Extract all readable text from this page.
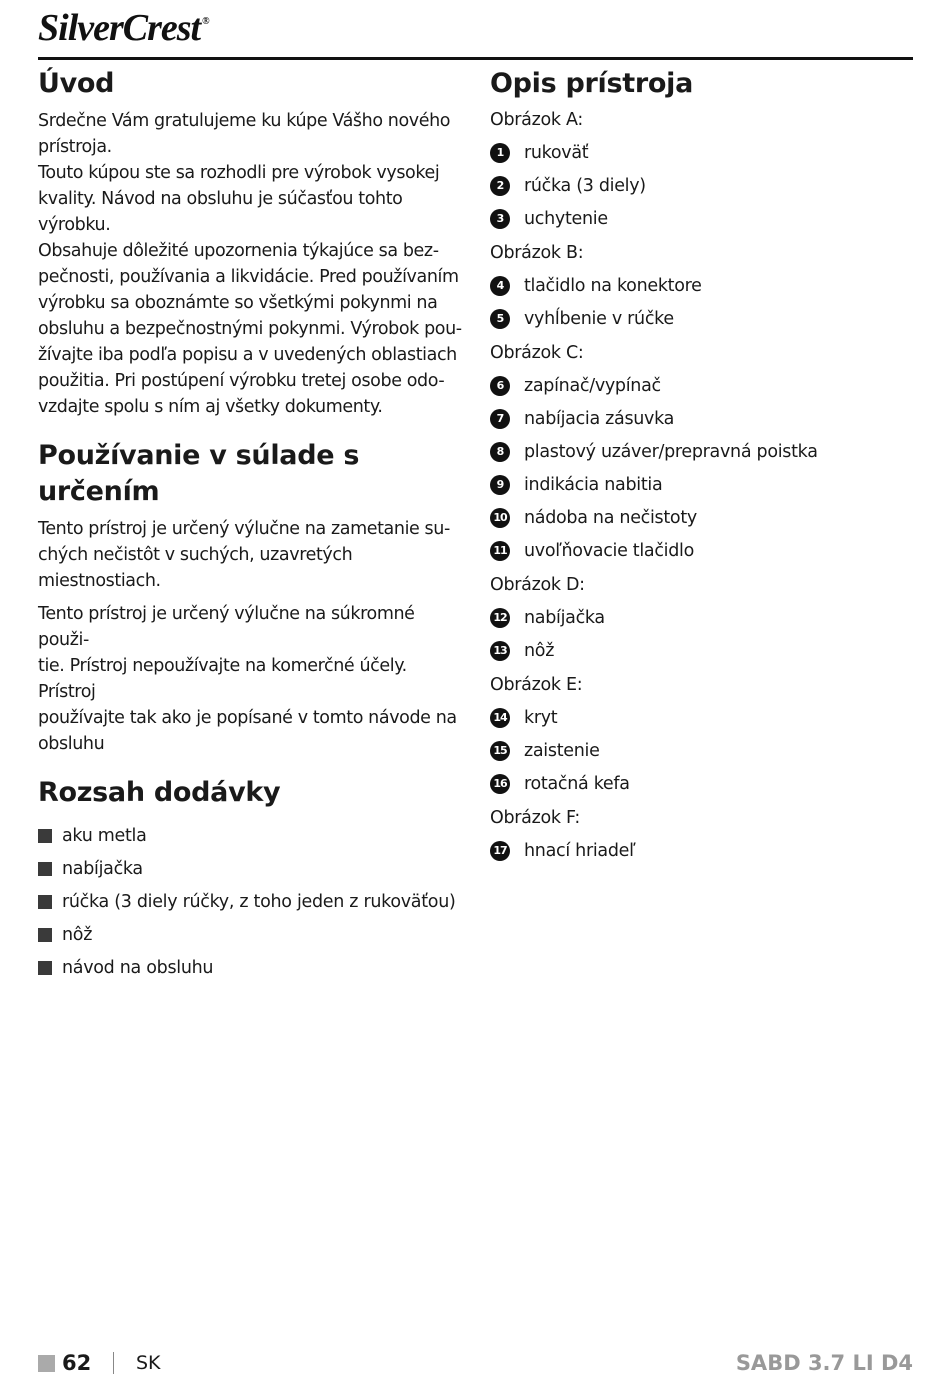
SilverCrest ®
Úvod

Srdečne Vám gratulujeme ku kúpe Vášho nového

prístroja.

Touto kúpou ste sa rozhodli pre výrobok vysokej

kvality. Návod na obsluhu je súčasťou tohto výrobku.

Obsahuje dôležité upozornenia týkajúce sa bez-

pečnosti, používania a likvidácie. Pred používaním

výrobku sa oboznámte so všetkými pokynmi na

obsluhu a bezpečnostnými pokynmi. Výrobok pou-

žívajte iba podľa popisu a v uvedených oblastiach

použitia. Pri postúpení výrobku tretej osobe odo-

vzdajte spolu s ním aj všetky dokumenty.

Používanie v súlade s určením

Tento prístroj je určený výlučne na zametanie su-

chých nečistôt v suchých, uzavretých miestnostiach.

Tento prístroj je určený výlučne na súkromné použi-

tie. Prístroj nepoužívajte na komerčné účely. Prístroj

používajte tak ako je popísané v tomto návode na

obsluhu

Rozsah dodávky
aku metla
nabíjačka
rúčka (3 diely rúčky, z toho jeden z rukoväťou)
nôž
návod na obsluhu
Opis prístroja
Obrázok A:
1	rukoväť
2	rúčka (3 diely)
3	uchytenie
Obrázok B:
4	tlačidlo na konektore
5	vyhĺbenie v rúčke
Obrázok C:
6	zapínač/vypínač
7	nabíjacia zásuvka
8	plastový uzáver/prepravná poistka
9	indikácia nabitia
10 nádoba na nečistoty
11 uvoľňovacie tlačidlo
Obrázok D:
12 nabíjačka
13 nôž
Obrázok E:
14 kryt
15 zaistenie
16 rotačná kefa
Obrázok F:
17 hnací hriadeľ
62 SK	SABD 3.7 LI D4
